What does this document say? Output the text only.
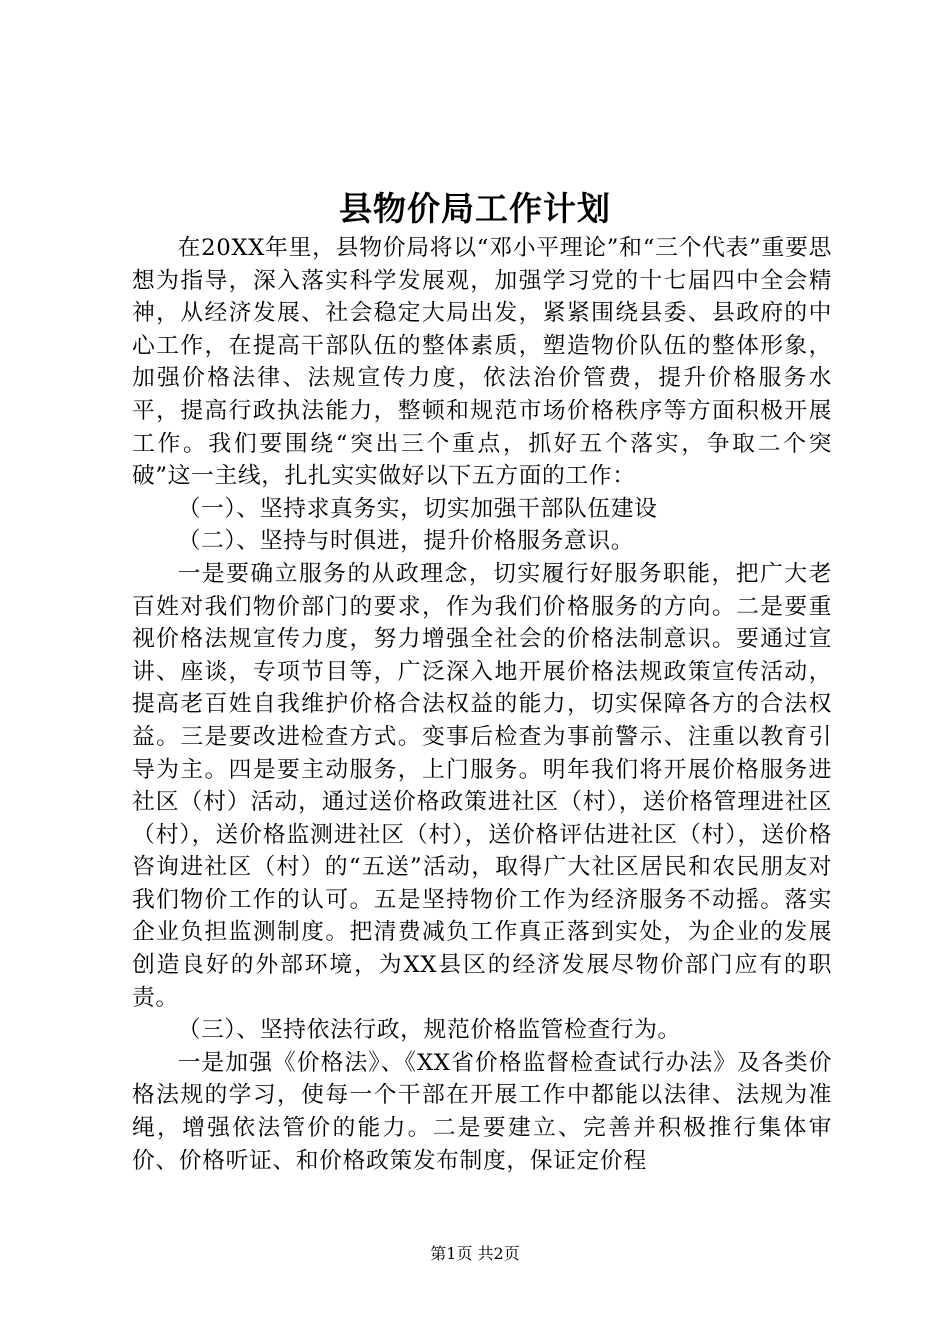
县物价局工作计划

在20XX年里，县物价局将以“邓小平理论”和“三个代表”重要思想为指导，深入落实科学发展观，加强学习党的十七届四中全会精神，从经济发展、社会稳定大局出发，紧紧围绕县委、县政府的中心工作，在提高干部队伍的整体素质，塑造物价队伍的整体形象，加强价格法律、法规宣传力度，依法治价管费，提升价格服务水平，提高行政执法能力，整顿和规范市场价格秩序等方面积极开展工作。我们要围绕“突出三个重点，抓好五个落实，争取二个突破”这一主线，扎扎实实做好以下五方面的工作：

（一）、坚持求真务实，切实加强干部队伍建设

（二）、坚持与时俱进，提升价格服务意识。

一是要确立服务的从政理念，切实履行好服务职能，把广大老百姓对我们物价部门的要求，作为我们价格服务的方向。二是要重视价格法规宣传力度，努力增强全社会的价格法制意识。要通过宣讲、座谈，专项节目等，广泛深入地开展价格法规政策宣传活动，提高老百姓自我维护价格合法权益的能力，切实保障各方的合法权益。三是要改进检查方式。变事后检查为事前警示、注重以教育引导为主。四是要主动服务，上门服务。明年我们将开展价格服务进社区（村）活动，通过送价格政策进社区（村），送价格管理进社区（村），送价格监测进社区（村），送价格评估进社区（村），送价格咨询进社区（村）的“五送”活动，取得广大社区居民和农民朋友对我们物价工作的认可。五是坚持物价工作为经济服务不动摇。落实企业负担监测制度。把清费减负工作真正落到实处，为企业的发展创造良好的外部环境，为XX县区的经济发展尽物价部门应有的职责。

（三）、坚持依法行政，规范价格监管检查行为。

一是加强《价格法》、《XX省价格监督检查试行办法》及各类价格法规的学习，使每一个干部在开展工作中都能以法律、法规为准绳，增强依法管价的能力。二是要建立、完善并积极推行集体审价、价格听证、和价格政策发布制度，保证定价程

第1页 共2页
